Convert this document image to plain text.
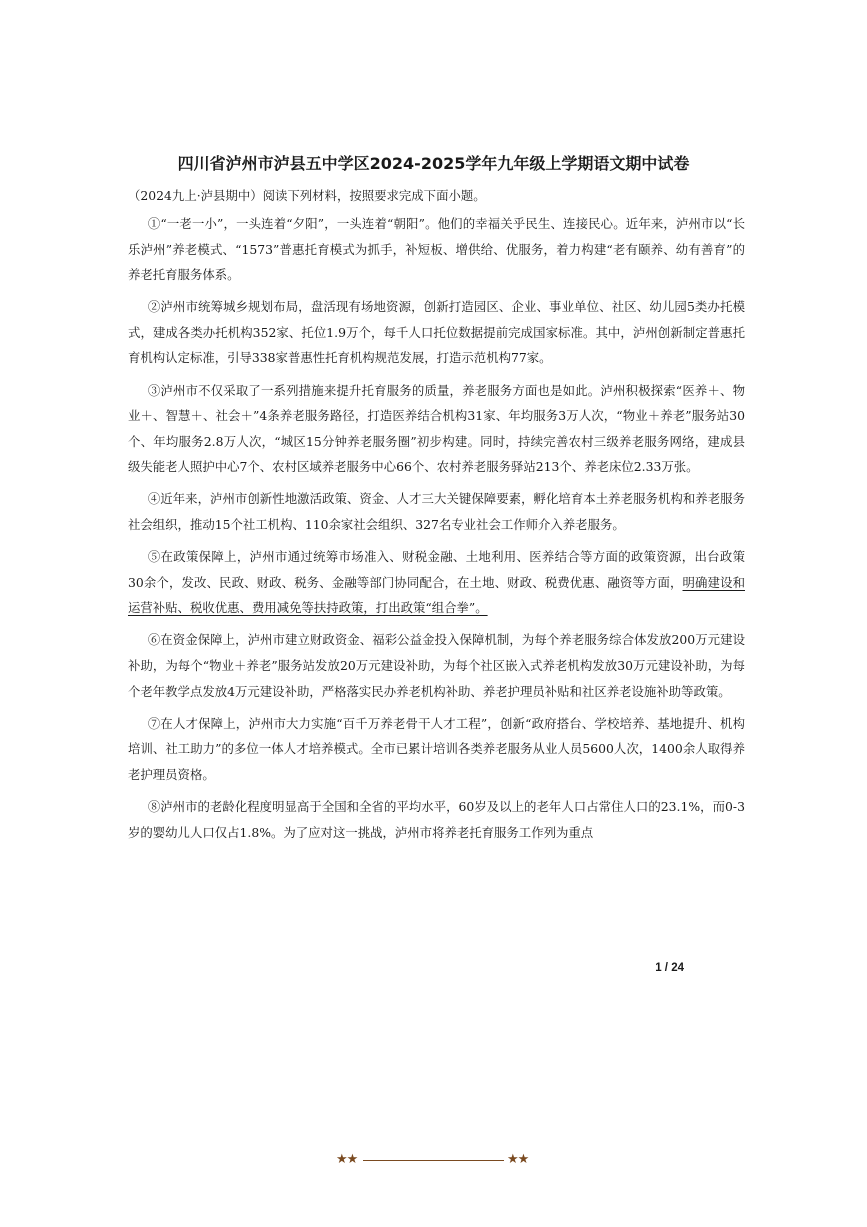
四川省泸州市泸县五中学区2024-2025学年九年级上学期语文期中试卷
（2024九上·泸县期中）阅读下列材料，按照要求完成下面小题。

①“一老一小”，一头连着“夕阳”，一头连着“朝阳”。他们的幸福关乎民生、连接民心。近年来，泸州市以“长乐泸州”养老模式、“1573”普惠托育模式为抓手，补短板、增供给、优服务，着力构建“老有颐养、幼有善育”的养老托育服务体系。

②泸州市统筹城乡规划布局，盘活现有场地资源，创新打造园区、企业、事业单位、社区、幼儿园5类办托模式，建成各类办托机构352家、托位1.9万个，每千人口托位数据提前完成国家标准。其中，泸州创新制定普惠托育机构认定标准，引导338家普惠性托育机构规范发展，打造示范机构77家。

③泸州市不仅采取了一系列措施来提升托育服务的质量，养老服务方面也是如此。泸州积极探索“医养＋、物业＋、智慧＋、社会＋”4条养老服务路径，打造医养结合机构31家、年均服务3万人次，“物业＋养老”服务站30个、年均服务2.8万人次，“城区15分钟养老服务圈”初步构建。同时，持续完善农村三级养老服务网络，建成县级失能老人照护中心7个、农村区域养老服务中心66个、农村养老服务驿站213个、养老床位2.33万张。

④近年来，泸州市创新性地激活政策、资金、人才三大关键保障要素，孵化培育本土养老服务机构和养老服务社会组织，推动15个社工机构、110余家社会组织、327名专业社会工作师介入养老服务。

⑤在政策保障上，泸州市通过统筹市场准入、财税金融、土地利用、医养结合等方面的政策资源，出台政策30余个，发改、民政、财政、税务、金融等部门协同配合，在土地、财政、税费优惠、融资等方面，明确建设和运营补贴、税收优惠、费用减免等扶持政策，打出政策“组合拳”。

⑥在资金保障上，泸州市建立财政资金、福彩公益金投入保障机制，为每个养老服务综合体发放200万元建设补助，为每个“物业＋养老”服务站发放20万元建设补助，为每个社区嵌入式养老机构发放30万元建设补助，为每个老年教学点发放4万元建设补助，严格落实民办养老机构补助、养老护理员补贴和社区养老设施补助等政策。

⑦在人才保障上，泸州市大力实施“百千万养老骨干人才工程”，创新“政府搭台、学校培养、基地提升、机构培训、社工助力”的多位一体人才培养模式。全市已累计培训各类养老服务从业人员5600人次，1400余人取得养老护理员资格。

⑧泸州市的老龄化程度明显高于全国和全省的平均水平，60岁及以上的老年人口占常住人口的23.1%，而0-3岁的婴幼儿人口仅占1.8%。为了应对这一挑战，泸州市将养老托育服务工作列为重点

1 / 24
★★	★★
